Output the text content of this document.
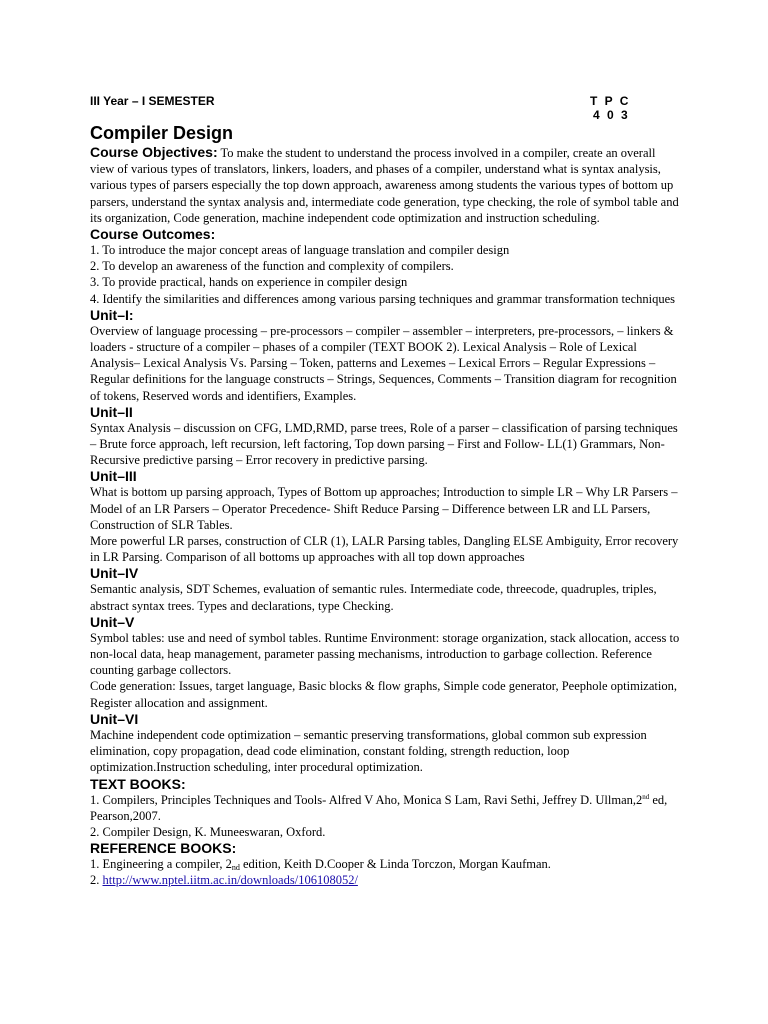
III Year – I SEMESTER	T P C
4 0 3
Compiler Design
Course Objectives: To make the student to understand the process involved in a compiler, create an overall view of various types of translators, linkers, loaders, and phases of a compiler, understand what is syntax analysis, various types of parsers especially the top down approach, awareness among students the various types of bottom up parsers, understand the syntax analysis and, intermediate code generation, type checking, the role of symbol table and its organization, Code generation, machine independent code optimization and instruction scheduling.
Course Outcomes:
1. To introduce the major concept areas of language translation and compiler design
2. To develop an awareness of the function and complexity of compilers.
3. To provide practical, hands on experience in compiler design
4. Identify the similarities and differences among various parsing techniques and grammar transformation techniques
Unit–I:
Overview of language processing – pre-processors – compiler – assembler – interpreters, pre-processors, – linkers & loaders - structure of a compiler – phases of a compiler (TEXT BOOK 2). Lexical Analysis – Role of Lexical Analysis– Lexical Analysis Vs. Parsing – Token, patterns and Lexemes – Lexical Errors – Regular Expressions – Regular definitions for the language constructs – Strings, Sequences, Comments – Transition diagram for recognition of tokens, Reserved words and identifiers, Examples.
Unit–II
Syntax Analysis – discussion on CFG, LMD,RMD, parse trees, Role of a parser – classification of parsing techniques – Brute force approach, left recursion, left factoring, Top down parsing – First and Follow- LL(1) Grammars, Non-Recursive predictive parsing – Error recovery in predictive parsing.
Unit–III
What is bottom up parsing approach, Types of Bottom up approaches; Introduction to simple LR – Why LR Parsers – Model of an LR Parsers – Operator Precedence- Shift Reduce Parsing – Difference between LR and LL Parsers, Construction of SLR Tables.
More powerful LR parses, construction of CLR (1), LALR Parsing tables, Dangling ELSE Ambiguity, Error recovery in LR Parsing. Comparison of all bottoms up approaches with all top down approaches
Unit–IV
Semantic analysis, SDT Schemes, evaluation of semantic rules. Intermediate code, threecode, quadruples, triples, abstract syntax trees. Types and declarations, type Checking.
Unit–V
Symbol tables: use and need of symbol tables. Runtime Environment: storage organization, stack allocation, access to non-local data, heap management, parameter passing mechanisms, introduction to garbage collection. Reference counting garbage collectors.
Code generation: Issues, target language, Basic blocks & flow graphs, Simple code generator, Peephole optimization, Register allocation and assignment.
Unit–VI
Machine independent code optimization – semantic preserving transformations, global common sub expression elimination, copy propagation, dead code elimination, constant folding, strength reduction, loop optimization.Instruction scheduling, inter procedural optimization.
TEXT BOOKS:
1. Compilers, Principles Techniques and Tools- Alfred V Aho, Monica S Lam, Ravi Sethi, Jeffrey D. Ullman,2nd ed, Pearson,2007.
2. Compiler Design, K. Muneeswaran, Oxford.
REFERENCE BOOKS:
1. Engineering a compiler, $2_{nd}$ edition, Keith D.Cooper & Linda Torczon, Morgan Kaufman.
2. http://www.nptel.iitm.ac.in/downloads/106108052/
